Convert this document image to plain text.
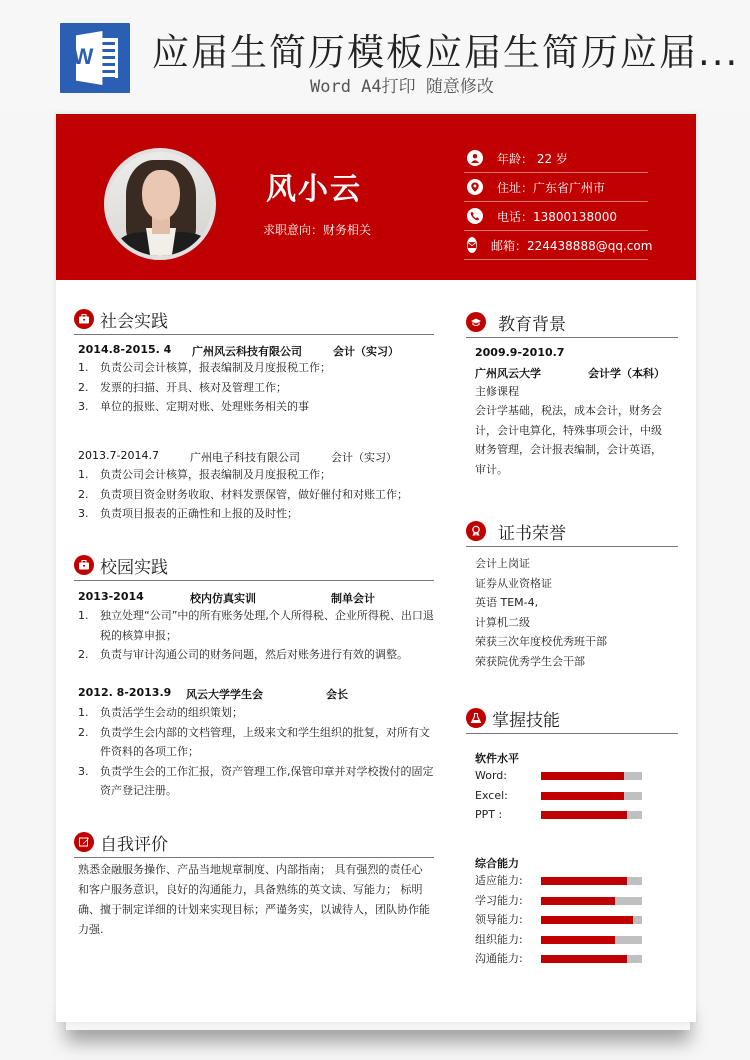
W 应届生简历模板应届生简历应届...
Word A4打印 随意修改
风小云
求职意向：财务相关
年龄： 22 岁
住址：广东省广州市
电话：13800138000
邮箱：224438888@qq.com
社会实践
2014.8-2015. 4 广州风云科技有限公司	会计（实习）
1. 负责公司会计核算，报表编制及月度报税工作；
2. 发票的扫描、开具、核对及管理工作；
3. 单位的报账、定期对账、处理账务相关的事
2013.7-2014.7	广州电子科技有限公司	会计（实习）
1. 负责公司会计核算，报表编制及月度报税工作；
2. 负责项目资金财务收取、材料发票保管，做好催付和对账工作；
3. 负责项目报表的正确性和上报的及时性；
校园实践
2013-2014	校内仿真实训	制单会计
1. 独立处理“公司”中的所有账务处理,个人所得税、企业所得税、出口退税的核算申报；
2. 负责与审计沟通公司的财务问题，然后对账务进行有效的调整。
2012. 8-2013.9 风云大学学生会	会长
1. 负责活学生会动的组织策划；
2. 负责学生会内部的文档管理，上级来文和学生组织的批复，对所有文件资料的各项工作；
3. 负责学生会的工作汇报，资产管理工作,保管印章并对学校拨付的固定资产登记注册。
自我评价
熟悉金融服务操作、产品当地规章制度、内部指南； 具有强烈的责任心和客户服务意识，良好的沟通能力，具备熟练的英文读、写能力； 标明确、擅于制定详细的计划来实现目标；严谨务实，以诚待人，团队协作能力强.
教育背景
2009.9-2010.7
广州风云大学	会计学（本科）
主修课程
会计学基础，税法，成本会计，财务会计，会计电算化，特殊事项会计，中级财务管理，会计报表编制，会计英语，审计。
证书荣誉
会计上岗证
证券从业资格证
英语 TEM-4,
计算机二级
荣获三次年度校优秀班干部
荣获院优秀学生会干部
掌握技能
软件水平
Word:
Excel:
PPT :
综合能力
适应能力:
学习能力:
领导能力:
组织能力:
沟通能力:
